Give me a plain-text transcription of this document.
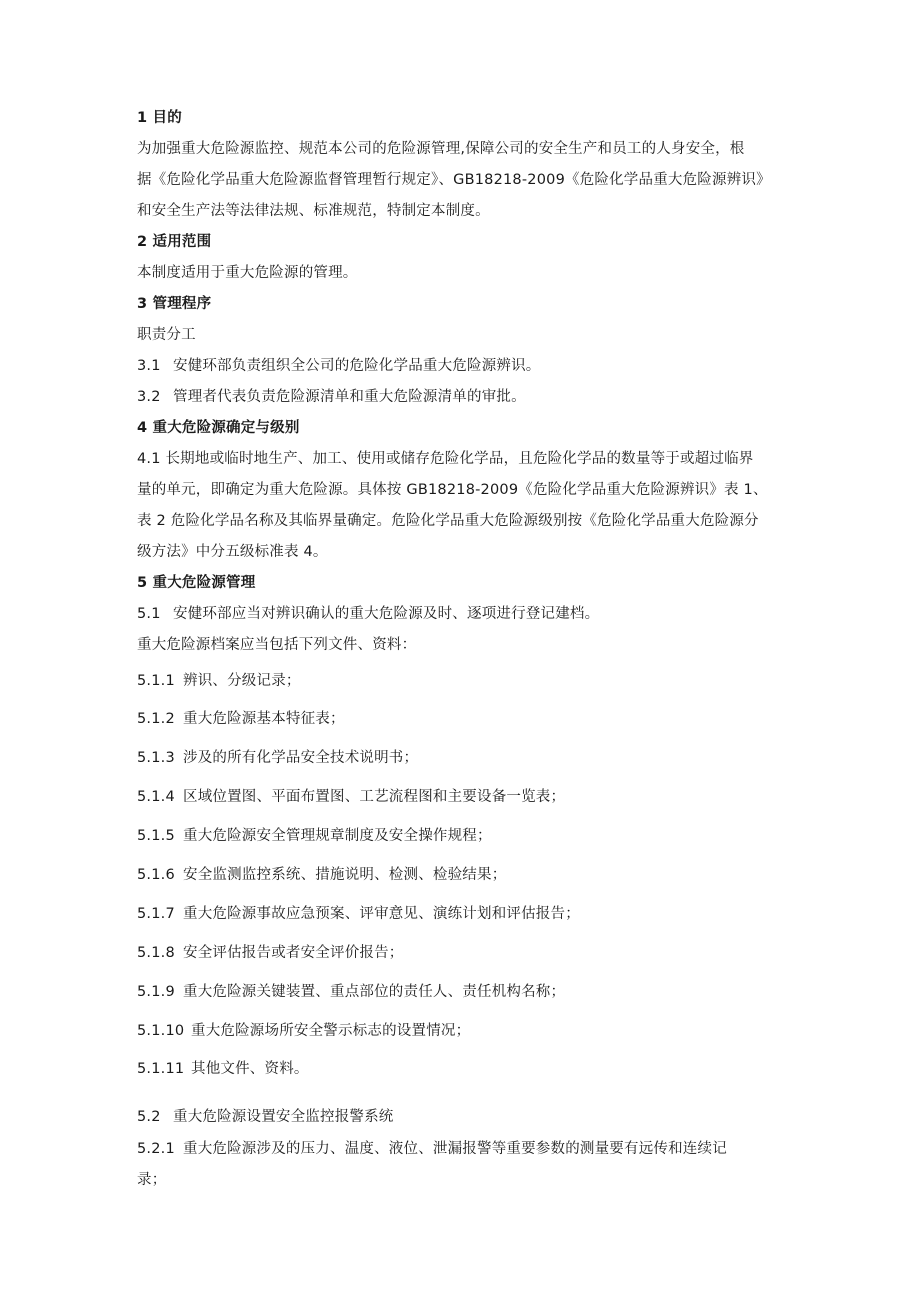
1 目的
为加强重大危险源监控、规范本公司的危险源管理,保障公司的安全生产和员工的人身安全，根
据《危险化学品重大危险源监督管理暂行规定》、GB18218-2009《危险化学品重大危险源辨识》
和安全生产法等法律法规、标准规范，特制定本制度。
2 适用范围
本制度适用于重大危险源的管理。
3 管理程序
职责分工
3.1 安健环部负责组织全公司的危险化学品重大危险源辨识。
3.2 管理者代表负责危险源清单和重大危险源清单的审批。
4 重大危险源确定与级别
4.1 长期地或临时地生产、加工、使用或储存危险化学品，且危险化学品的数量等于或超过临界
量的单元，即确定为重大危险源。具体按 GB18218-2009《危险化学品重大危险源辨识》表 1、
表 2 危险化学品名称及其临界量确定。危险化学品重大危险源级别按《危险化学品重大危险源分
级方法》中分五级标准表 4。
5 重大危险源管理
5.1 安健环部应当对辨识确认的重大危险源及时、逐项进行登记建档。
重大危险源档案应当包括下列文件、资料：
5.1.1 辨识、分级记录；
5.1.2 重大危险源基本特征表；
5.1.3 涉及的所有化学品安全技术说明书；
5.1.4 区域位置图、平面布置图、工艺流程图和主要设备一览表；
5.1.5 重大危险源安全管理规章制度及安全操作规程；
5.1.6 安全监测监控系统、措施说明、检测、检验结果；
5.1.7 重大危险源事故应急预案、评审意见、演练计划和评估报告；
5.1.8 安全评估报告或者安全评价报告；
5.1.9 重大危险源关键装置、重点部位的责任人、责任机构名称；
5.1.10 重大危险源场所安全警示标志的设置情况；
5.1.11 其他文件、资料。
5.2 重大危险源设置安全监控报警系统
5.2.1 重大危险源涉及的压力、温度、液位、泄漏报警等重要参数的测量要有远传和连续记
录；
